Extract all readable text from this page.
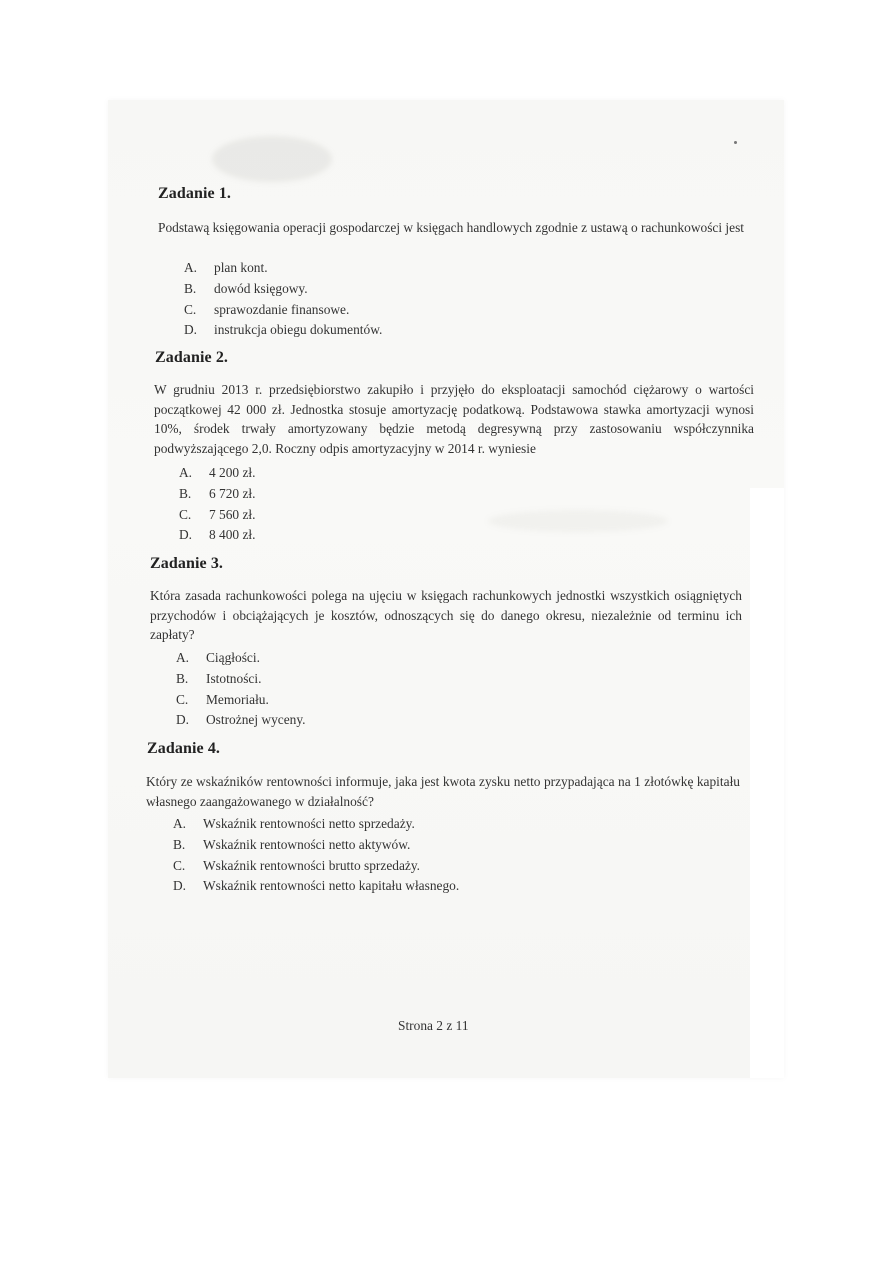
Zadanie 1.
Podstawą księgowania operacji gospodarczej w księgach handlowych zgodnie z ustawą o rachunkowości jest
A. plan kont.
B. dowód księgowy.
C. sprawozdanie finansowe.
D. instrukcja obiegu dokumentów.
Zadanie 2.
W grudniu 2013 r. przedsiębiorstwo zakupiło i przyjęło do eksploatacji samochód ciężarowy o wartości początkowej 42 000 zł. Jednostka stosuje amortyzację podatkową. Podstawowa stawka amortyzacji wynosi 10%, środek trwały amortyzowany będzie metodą degresywną przy zastosowaniu współczynnika podwyższającego 2,0. Roczny odpis amortyzacyjny w 2014 r. wyniesie
A. 4 200 zł.
B. 6 720 zł.
C. 7 560 zł.
D. 8 400 zł.
Zadanie 3.
Która zasada rachunkowości polega na ujęciu w księgach rachunkowych jednostki wszystkich osiągniętych przychodów i obciążających je kosztów, odnoszących się do danego okresu, niezależnie od terminu ich zapłaty?
A. Ciągłości.
B. Istotności.
C. Memoriału.
D. Ostrożnej wyceny.
Zadanie 4.
Który ze wskaźników rentowności informuje, jaka jest kwota zysku netto przypadająca na 1 złotówkę kapitału własnego zaangażowanego w działalność?
A. Wskaźnik rentowności netto sprzedaży.
B. Wskaźnik rentowności netto aktywów.
C. Wskaźnik rentowności brutto sprzedaży.
D. Wskaźnik rentowności netto kapitału własnego.
Strona 2 z 11
